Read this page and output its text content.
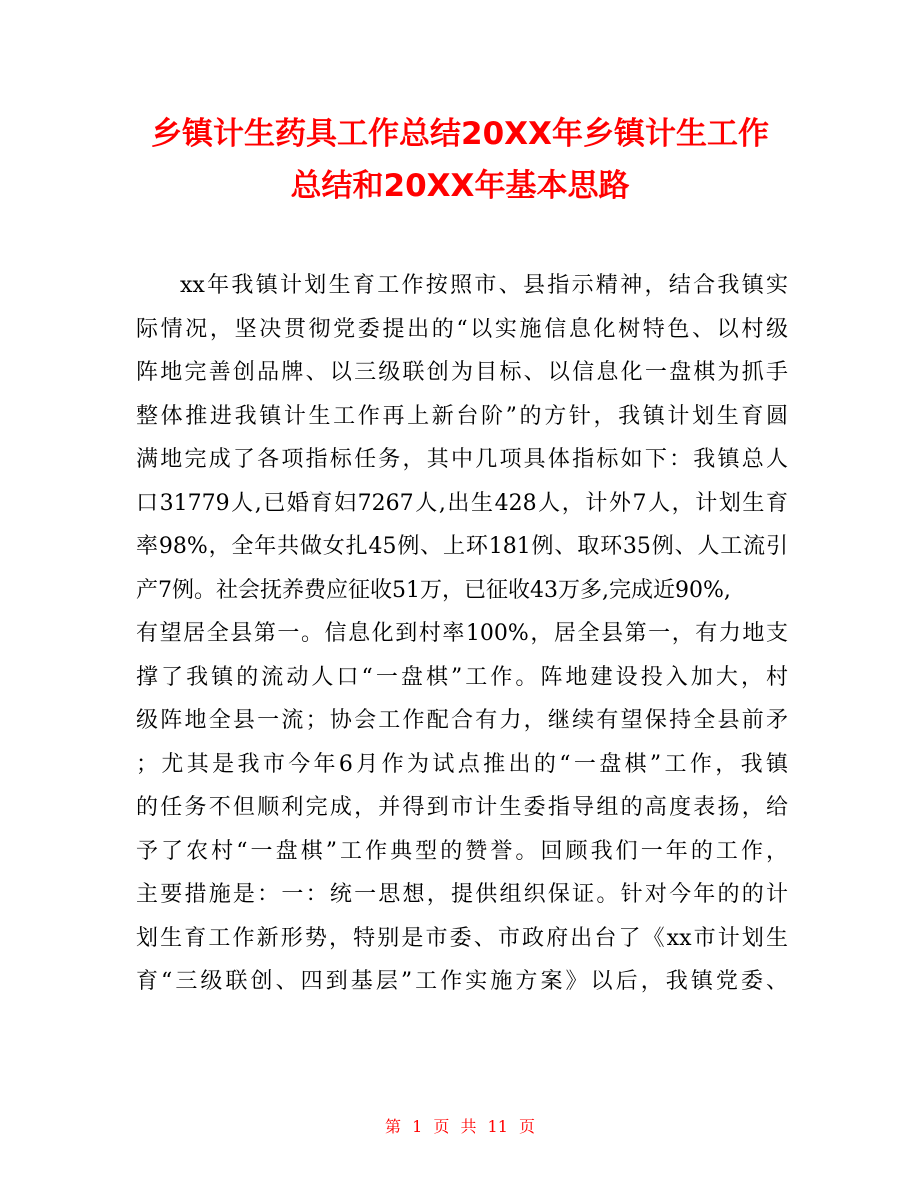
乡镇计生药具工作总结20XX年乡镇计生工作
总结和20XX年基本思路
xx年我镇计划生育工作按照市、县指示精神，结合我镇实
际情况，坚决贯彻党委提出的“以实施信息化树特色、以村级
阵地完善创品牌、以三级联创为目标、以信息化一盘棋为抓手
整体推进我镇计生工作再上新台阶”的方针，我镇计划生育圆
满地完成了各项指标任务，其中几项具体指标如下：我镇总人
口31779人,已婚育妇7267人,出生428人，计外7人，计划生育
率98%，全年共做女扎45例、上环181例、取环35例、人工流引
产7例。社会抚养费应征收51万，已征收43万多,完成近90%,
有望居全县第一。信息化到村率100%，居全县第一，有力地支
撑了我镇的流动人口“一盘棋”工作。阵地建设投入加大，村
级阵地全县一流；协会工作配合有力，继续有望保持全县前矛
；尤其是我市今年6月作为试点推出的“一盘棋”工作，我镇
的任务不但顺利完成，并得到市计生委指导组的高度表扬，给
予了农村“一盘棋”工作典型的赞誉。回顾我们一年的工作，
主要措施是：一：统一思想，提供组织保证。针对今年的的计
划生育工作新形势，特别是市委、市政府出台了《xx市计划生
育“三级联创、四到基层”工作实施方案》以后，我镇党委、
第 1 页 共 11 页
